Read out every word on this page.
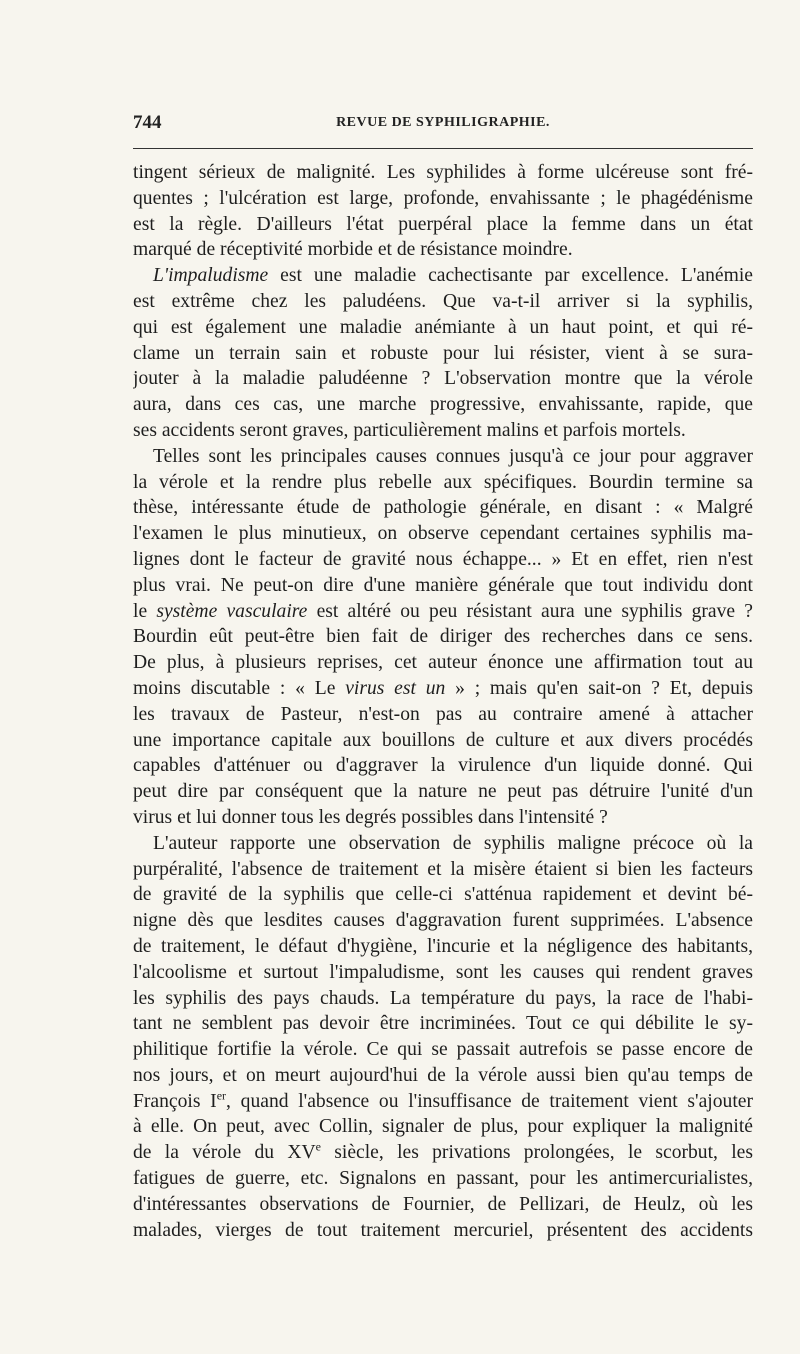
744	REVUE DE SYPHILIGRAPHIE.
tingent sérieux de malignité. Les syphilides à forme ulcéreuse sont fré-
quentes ; l'ulcération est large, profonde, envahissante ; le phagédénisme
est la règle. D'ailleurs l'état puerpéral place la femme dans un état
marqué de réceptivité morbide et de résistance moindre.
L'impaludisme est une maladie cachectisante par excellence. L'anémie
est extrême chez les paludéens. Que va-t-il arriver si la syphilis,
qui est également une maladie anémiante à un haut point, et qui ré-
clame un terrain sain et robuste pour lui résister, vient à se sura-
jouter à la maladie paludéenne ? L'observation montre que la vérole
aura, dans ces cas, une marche progressive, envahissante, rapide, que
ses accidents seront graves, particulièrement malins et parfois mortels.
Telles sont les principales causes connues jusqu'à ce jour pour aggraver
la vérole et la rendre plus rebelle aux spécifiques. Bourdin termine sa
thèse, intéressante étude de pathologie générale, en disant : « Malgré
l'examen le plus minutieux, on observe cependant certaines syphilis ma-
lignes dont le facteur de gravité nous échappe... » Et en effet, rien n'est
plus vrai. Ne peut-on dire d'une manière générale que tout individu dont
le système vasculaire est altéré ou peu résistant aura une syphilis grave ?
Bourdin eût peut-être bien fait de diriger des recherches dans ce sens.
De plus, à plusieurs reprises, cet auteur énonce une affirmation tout au
moins discutable : « Le virus est un » ; mais qu'en sait-on ? Et, depuis
les travaux de Pasteur, n'est-on pas au contraire amené à attacher
une importance capitale aux bouillons de culture et aux divers procédés
capables d'atténuer ou d'aggraver la virulence d'un liquide donné. Qui
peut dire par conséquent que la nature ne peut pas détruire l'unité d'un
virus et lui donner tous les degrés possibles dans l'intensité ?
L'auteur rapporte une observation de syphilis maligne précoce où la
purpéralité, l'absence de traitement et la misère étaient si bien les facteurs
de gravité de la syphilis que celle-ci s'atténua rapidement et devint bé-
nigne dès que lesdites causes d'aggravation furent supprimées. L'absence
de traitement, le défaut d'hygiène, l'incurie et la négligence des habitants,
l'alcoolisme et surtout l'impaludisme, sont les causes qui rendent graves
les syphilis des pays chauds. La température du pays, la race de l'habi-
tant ne semblent pas devoir être incriminées. Tout ce qui débilite le sy-
philitique fortifie la vérole. Ce qui se passait autrefois se passe encore de
nos jours, et on meurt aujourd'hui de la vérole aussi bien qu'au temps de
François Ier, quand l'absence ou l'insuffisance de traitement vient s'ajouter
à elle. On peut, avec Collin, signaler de plus, pour expliquer la malignité
de la vérole du XVe siècle, les privations prolongées, le scorbut, les
fatigues de guerre, etc. Signalons en passant, pour les antimercurialistes,
d'intéressantes observations de Fournier, de Pellizari, de Heulz, où les
malades, vierges de tout traitement mercuriel, présentent des accidents
